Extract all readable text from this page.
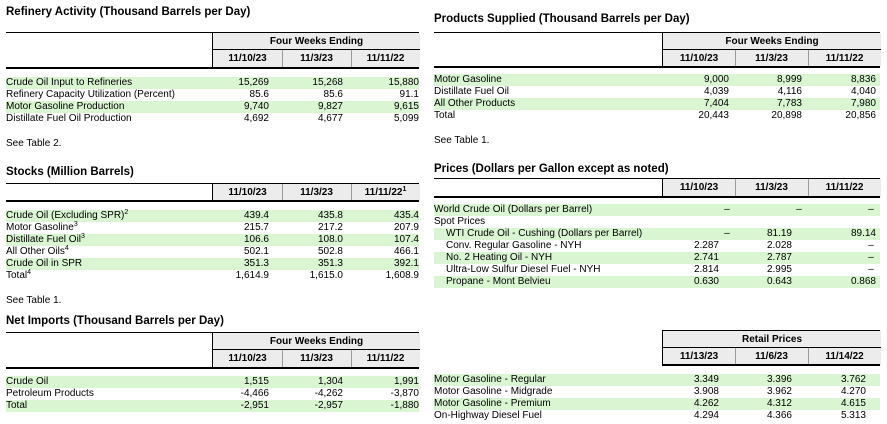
Refinery Activity (Thousand Barrels per Day)
Four Weeks Ending
11/10/23	11/3/23	11/11/22
Crude Oil Input to Refineries	15,269	15,268	15,880
Refinery Capacity Utilization (Percent)	85.6	85.6	91.1
Motor Gasoline Production	9,740	9,827	9,615
Distillate Fuel Oil Production	4,692	4,677	5,099
See Table 2.
Stocks (Million Barrels)
11/10/23	11/3/23	$11/11/22^1$
Crude Oil (Excluding SPR)$^2$	439.4	435.8	435.4
Motor Gasoline$^3$	215.7	217.2	207.9
Distillate Fuel Oil$^3$	106.6	108.0	107.4
All Other Oils$^4$	502.1	502.8	466.1
Crude Oil in SPR	351.3	351.3	392.1
Total$^4$	1,614.9	1,615.0	1,608.9
See Table 1.
Net Imports (Thousand Barrels per Day)
Four Weeks Ending
11/10/23	11/3/23	11/11/22
Crude Oil	1,515	1,304	1,991
Petroleum Products	-4,466	-4,262	-3,870
Total	-2,951	-2,957	-1,880
Products Supplied (Thousand Barrels per Day)
Four Weeks Ending
11/10/23	11/3/23	11/11/22
Motor Gasoline	9,000	8,999	8,836
Distillate Fuel Oil	4,039	4,116	4,040
All Other Products	7,404	7,783	7,980
Total	20,443	20,898	20,856
See Table 1.
Prices (Dollars per Gallon except as noted)
11/10/23	11/3/23	11/11/22
World Crude Oil (Dollars per Barrel)	–	–	–
Spot Prices
WTI Crude Oil - Cushing (Dollars per Barrel)	–	81.19	89.14
Conv. Regular Gasoline - NYH	2.287	2.028	–
No. 2 Heating Oil - NYH	2.741	2.787	–
Ultra-Low Sulfur Diesel Fuel - NYH	2.814	2.995	–
Propane - Mont Belvieu	0.630	0.643	0.868
Retail Prices
11/13/23	11/6/23	11/14/22
Motor Gasoline - Regular	3.349	3.396	3.762
Motor Gasoline - Midgrade	3.908	3.962	4.270
Motor Gasoline - Premium	4.262	4.312	4.615
On-Highway Diesel Fuel	4.294	4.366	5.313
